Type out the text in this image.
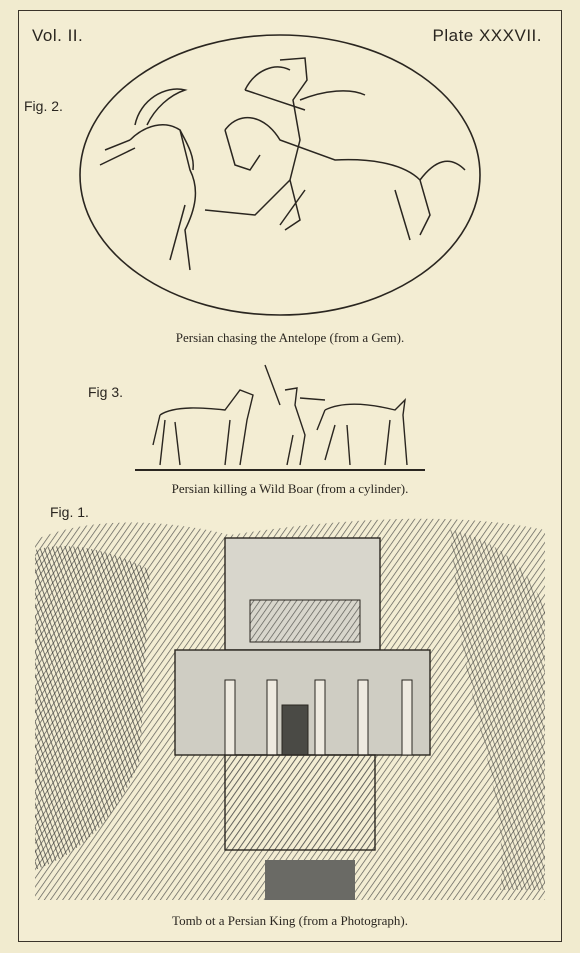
Vol. II.	Plate XXXVII.
Fig. 2.
Persian chasing the Antelope (from a Gem).
Fig 3.
Persian killing a Wild Boar (from a cylinder).
Fig. 1.
Tomb ot a Persian King (from a Photograph).
